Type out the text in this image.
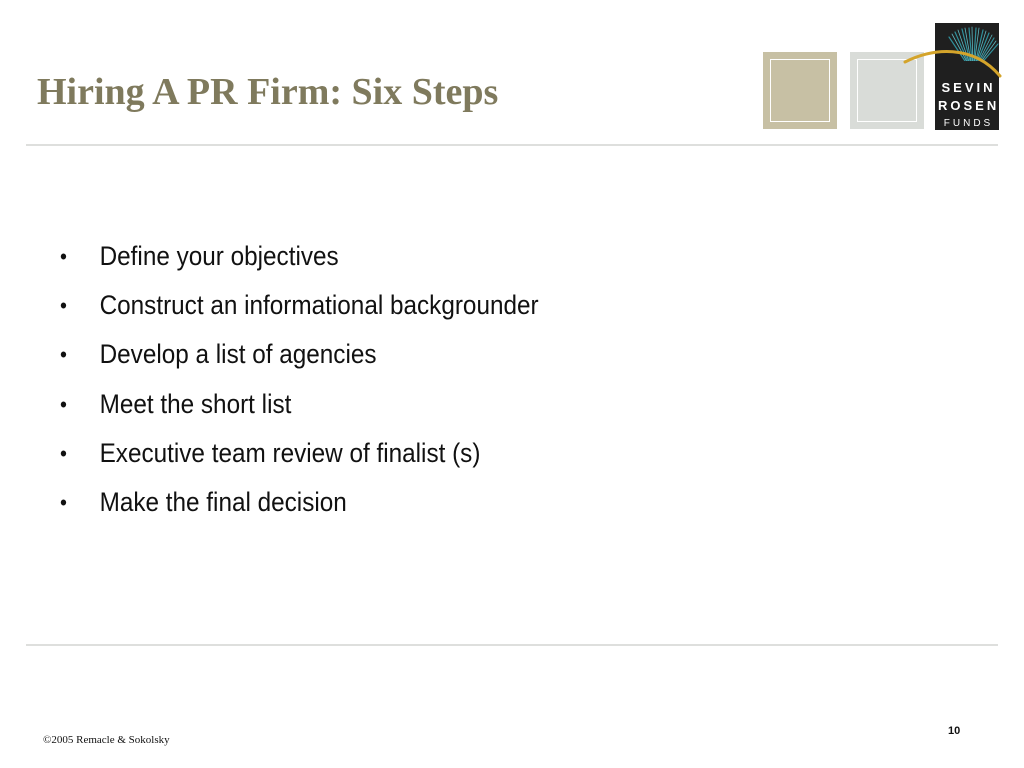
Hiring A PR Firm: Six Steps	SEVIN
ROSEN
FUNDS
• Define your objectives
• Construct an informational backgrounder
• Develop a list of agencies
• Meet the short list
• Executive team review of finalist (s)
• Make the final decision
©2005 Remacle & Sokolsky
10
